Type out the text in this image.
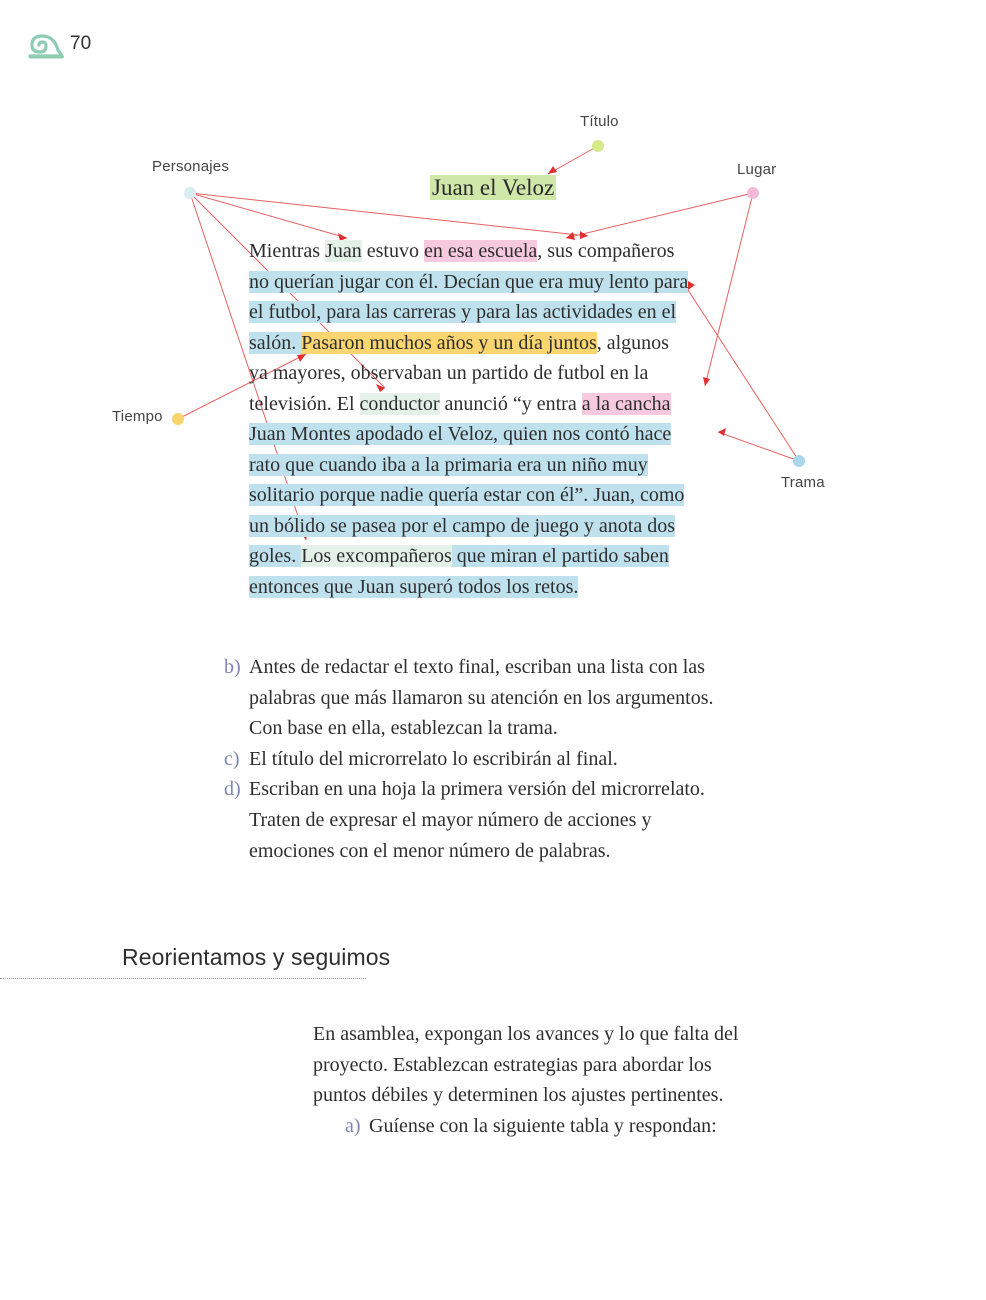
70
Título
Personajes	Lugar
Tiempo
Trama
Juan el Veloz
Mientras Juan estuvo en esa escuela, sus compañeros
no querían jugar con él. Decían que era muy lento para
el futbol, para las carreras y para las actividades en el
salón. Pasaron muchos años y un día juntos, algunos
ya mayores, observaban un partido de futbol en la
televisión. El conductor anunció “y entra a la cancha
Juan Montes apodado el Veloz, quien nos contó hace
rato que cuando iba a la primaria era un niño muy
solitario porque nadie quería estar con él”. Juan, como
un bólido se pasea por el campo de juego y anota dos
goles. Los excompañeros que miran el partido saben
entonces que Juan superó todos los retos.
b) Antes de redactar el texto final, escriban una lista con las
palabras que más llamaron su atención en los argumentos.
Con base en ella, establezcan la trama.
c) El título del microrrelato lo escribirán al final.
d) Escriban en una hoja la primera versión del microrrelato.
Traten de expresar el mayor número de acciones y
emociones con el menor número de palabras.
Reorientamos y seguimos
En asamblea, expongan los avances y lo que falta del
proyecto. Establezcan estrategias para abordar los
puntos débiles y determinen los ajustes pertinentes.
a) Guíense con la siguiente tabla y respondan:
